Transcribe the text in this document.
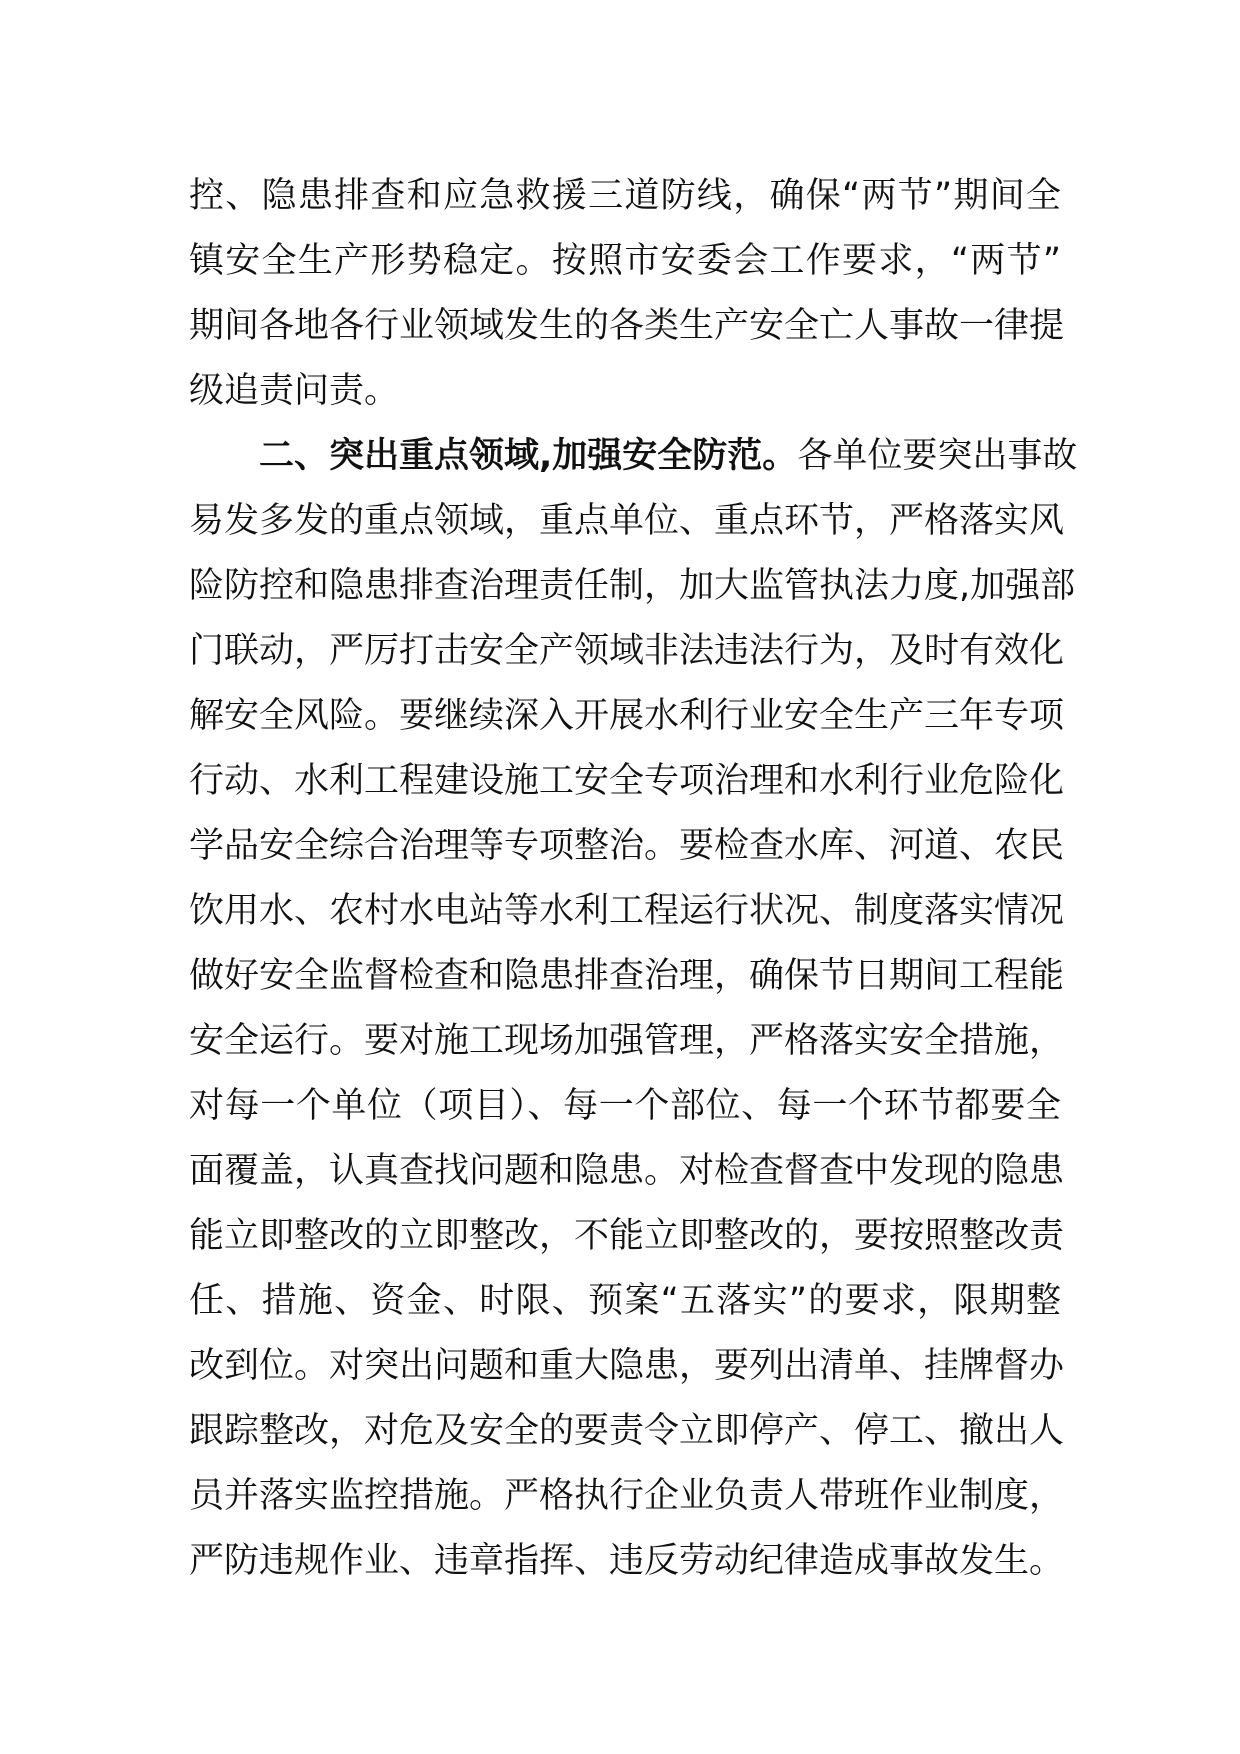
控、隐患排查和应急救援三道防线，确保“两节”期间全
镇安全生产形势稳定。按照市安委会工作要求，“两节”
期间各地各行业领域发生的各类生产安全亡人事故一律提
级追责问责。
二、突出重点领域,加强安全防范。各单位要突出事故
易发多发的重点领域，重点单位、重点环节，严格落实风
险防控和隐患排查治理责任制，加大监管执法力度,加强部
门联动，严厉打击安全产领域非法违法行为，及时有效化
解安全风险。要继续深入开展水利行业安全生产三年专项
行动、水利工程建设施工安全专项治理和水利行业危险化
学品安全综合治理等专项整治。要检查水库、河道、农民
饮用水、农村水电站等水利工程运行状况、制度落实情况
做好安全监督检查和隐患排查治理，确保节日期间工程能
安全运行。要对施工现场加强管理，严格落实安全措施，
对每一个单位（项目）、每一个部位、每一个环节都要全
面覆盖，认真查找问题和隐患。对检查督查中发现的隐患
能立即整改的立即整改，不能立即整改的，要按照整改责
任、措施、资金、时限、预案“五落实”的要求，限期整
改到位。对突出问题和重大隐患，要列出清单、挂牌督办
跟踪整改，对危及安全的要责令立即停产、停工、撤出人
员并落实监控措施。严格执行企业负责人带班作业制度，
严防违规作业、违章指挥、违反劳动纪律造成事故发生。
